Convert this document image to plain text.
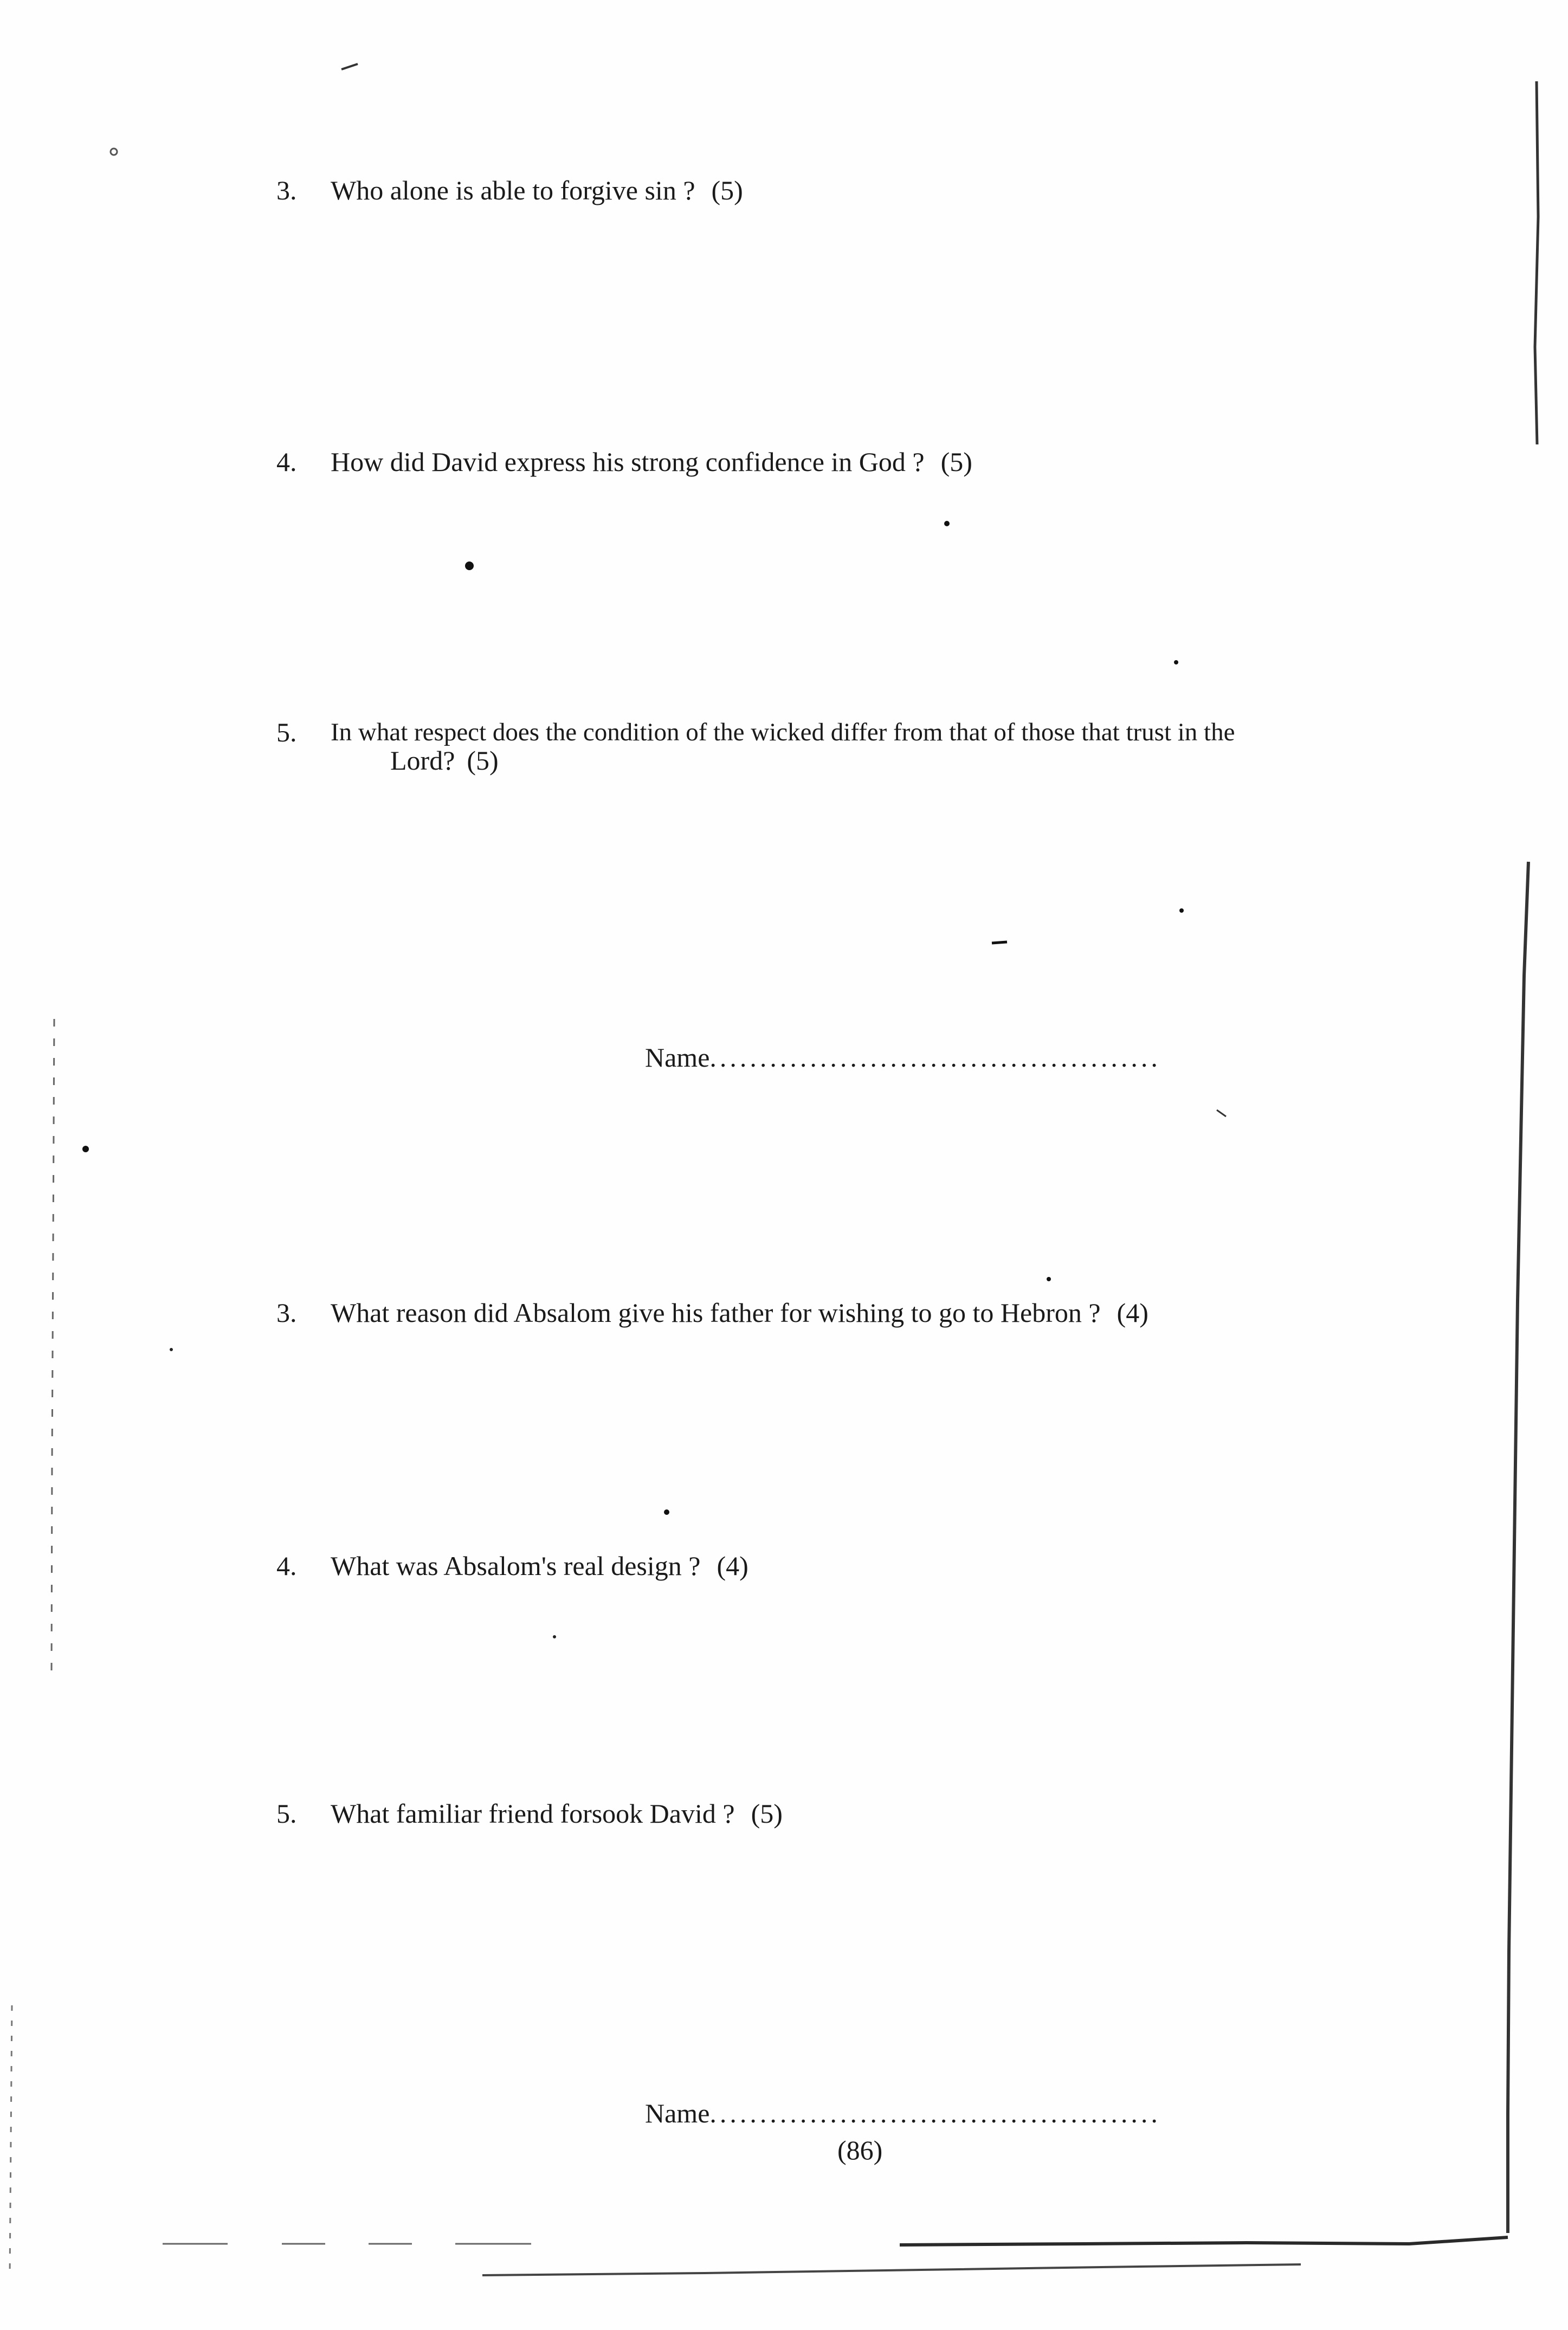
3. Who alone is able to forgive sin ? (5)
4. How did David express his strong confidence in God ? (5)
5. In what respect does the condition of the wicked differ from that of those that trust in the
Lord? (5)
Name.............................................
3. What reason did Absalom give his father for wishing to go to Hebron ? (4)
4. What was Absalom's real design ? (4)
5. What familiar friend forsook David ? (5)
Name.............................................
(86)
